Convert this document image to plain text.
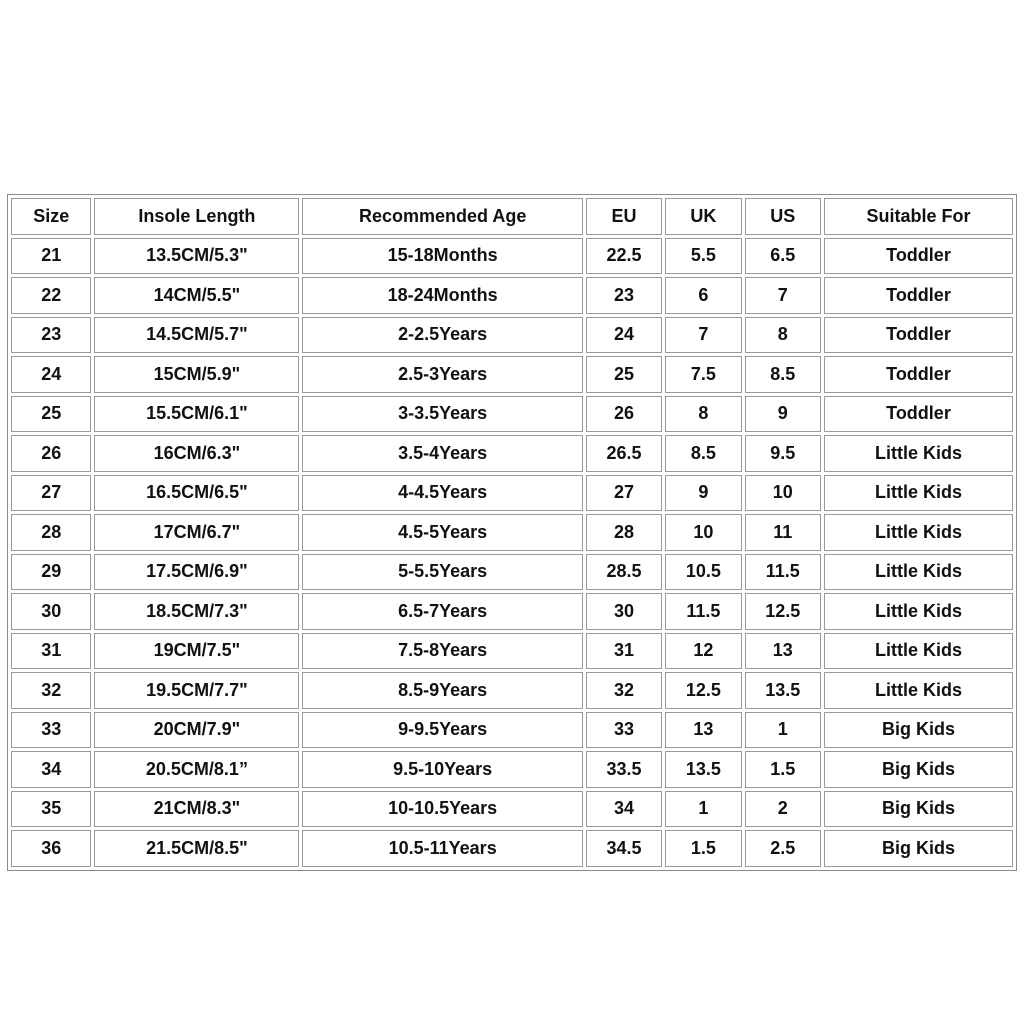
Size	Insole Length	Recommended Age	EU	UK	US	Suitable For
21	13.5CM/5.3"	15-18Months	22.5	5.5	6.5	Toddler
22	14CM/5.5"	18-24Months	23	6	7	Toddler
23	14.5CM/5.7"	2-2.5Years	24	7	8	Toddler
24	15CM/5.9"	2.5-3Years	25	7.5	8.5	Toddler
25	15.5CM/6.1"	3-3.5Years	26	8	9	Toddler
26	16CM/6.3"	3.5-4Years	26.5	8.5	9.5	Little Kids
27	16.5CM/6.5"	4-4.5Years	27	9	10	Little Kids
28	17CM/6.7"	4.5-5Years	28	10	11	Little Kids
29	17.5CM/6.9"	5-5.5Years	28.5	10.5	11.5	Little Kids
30	18.5CM/7.3"	6.5-7Years	30	11.5	12.5	Little Kids
31	19CM/7.5"	7.5-8Years	31	12	13	Little Kids
32	19.5CM/7.7"	8.5-9Years	32	12.5	13.5	Little Kids
33	20CM/7.9"	9-9.5Years	33	13	1	Big Kids
34	20.5CM/8.1”	9.5-10Years	33.5	13.5	1.5	Big Kids
35	21CM/8.3"	10-10.5Years	34	1	2	Big Kids
36	21.5CM/8.5"	10.5-11Years	34.5	1.5	2.5	Big Kids
